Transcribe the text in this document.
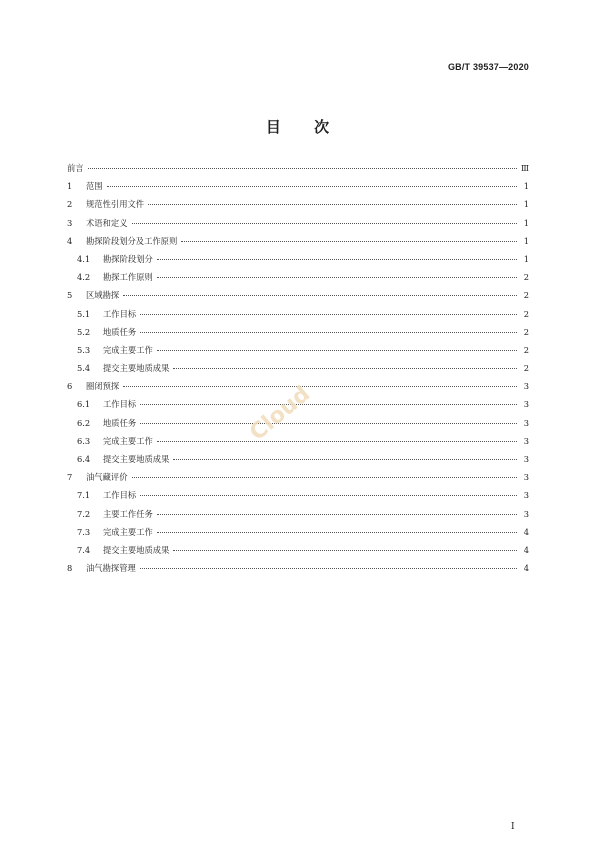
GB/T 39537—2020
目 次
前言	Ⅲ
1	范围	1
2	规范性引用文件	1
3	术语和定义	1
4	勘探阶段划分及工作原则	1
4.1	勘探阶段划分	1
4.2	勘探工作原则	2
5	区域勘探	2
5.1	工作目标	2
5.2	地质任务	2
5.3	完成主要工作	2
5.4	提交主要地质成果	2
6	圈闭预探	3
6.1	工作目标	3
6.2	地质任务	3
6.3	完成主要工作	3
6.4	提交主要地质成果	3
7	油气藏评价	3
7.1	工作目标	3
7.2	主要工作任务	3
7.3	完成主要工作	4
7.4	提交主要地质成果	4
8	油气勘探管理	4
Cloud
I
